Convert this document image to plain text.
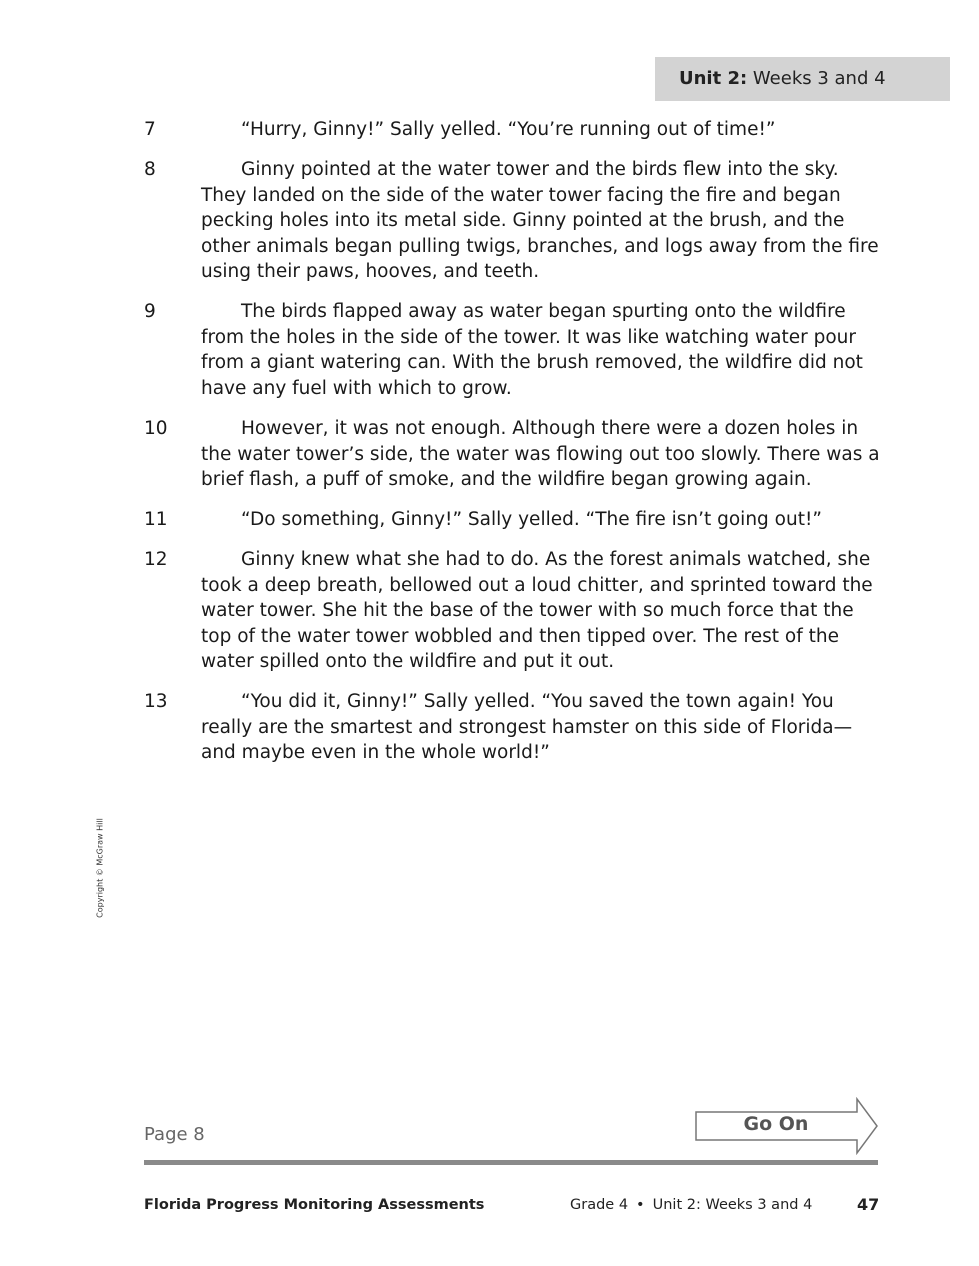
Unit 2: Weeks 3 and 4
7	“Hurry, Ginny!” Sally yelled. “You’re running out of time!”

8	Ginny pointed at the water tower and the birds flew into the sky. They landed on the side of the water tower facing the fire and began pecking holes into its metal side. Ginny pointed at the brush, and the other animals began pulling twigs, branches, and logs away from the fire using their paws, hooves, and teeth.

9	The birds flapped away as water began spurting onto the wildfire from the holes in the side of the tower. It was like watching water pour from a giant watering can. With the brush removed, the wildfire did not have any fuel with which to grow.

10	However, it was not enough. Although there were a dozen holes in the water tower’s side, the water was flowing out too slowly. There was a brief flash, a puff of smoke, and the wildfire began growing again.

11	“Do something, Ginny!” Sally yelled. “The fire isn’t going out!”

12	Ginny knew what she had to do. As the forest animals watched, she took a deep breath, bellowed out a loud chitter, and sprinted toward the water tower. She hit the base of the tower with so much force that the top of the water tower wobbled and then tipped over. The rest of the water spilled onto the wildfire and put it out.

13	“You did it, Ginny!” Sally yelled. “You saved the town again! You really are the smartest and strongest hamster on this side of Florida—and maybe even in the whole world!”

Copyright © McGraw Hill
Page 8	Go On
Florida Progress Monitoring Assessments	Grade 4 • Unit 2: Weeks 3 and 4	47
